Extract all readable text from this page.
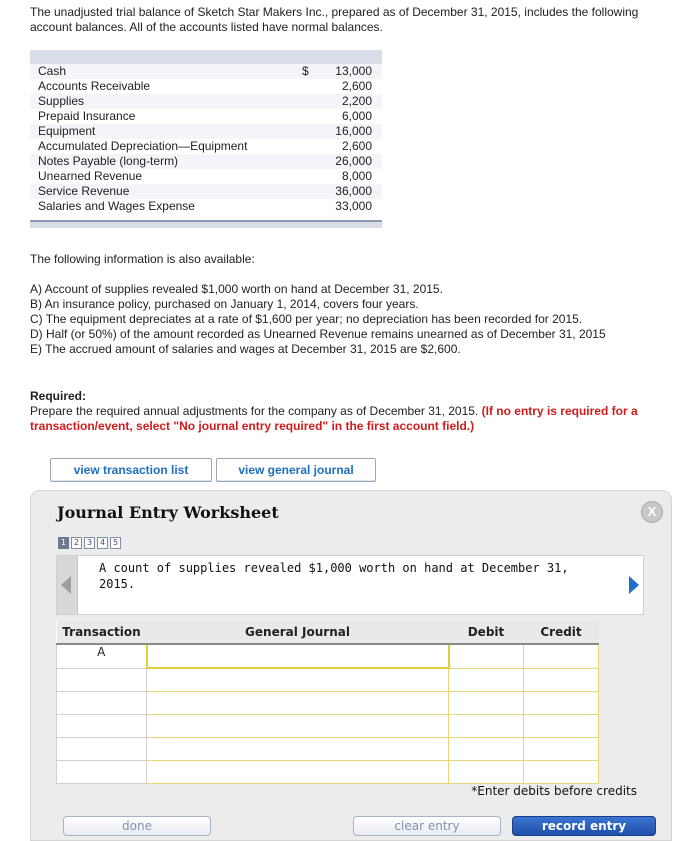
The unadjusted trial balance of Sketch Star Makers Inc., prepared as of December 31, 2015, includes the following account balances. All of the accounts listed have normal balances.
Cash	$	13,000
Accounts Receivable	2,600
Supplies	2,200
Prepaid Insurance	6,000
Equipment	16,000
Accumulated Depreciation—Equipment	2,600
Notes Payable (long-term)	26,000
Unearned Revenue	8,000
Service Revenue	36,000
Salaries and Wages Expense	33,000
The following information is also available:
A) Account of supplies revealed $1,000 worth on hand at December 31, 2015.
B) An insurance policy, purchased on January 1, 2014, covers four years.
C) The equipment depreciates at a rate of $1,600 per year; no depreciation has been recorded for 2015.
D) Half (or 50%) of the amount recorded as Unearned Revenue remains unearned as of December 31, 2015
E) The accrued amount of salaries and wages at December 31, 2015 are $2,600.
Required:
Prepare the required annual adjustments for the company as of December 31, 2015. (If no entry is required for a transaction/event, select "No journal entry required" in the first account field.)
view transaction list	view general journal
Journal Entry Worksheet	X
1 2 3 4 5
A count of supplies revealed $1,000 worth on hand at December 31, 2015.
Transaction	General Journal	Debit	Credit
A			

*Enter debits before credits
done	clear entry	record entry
